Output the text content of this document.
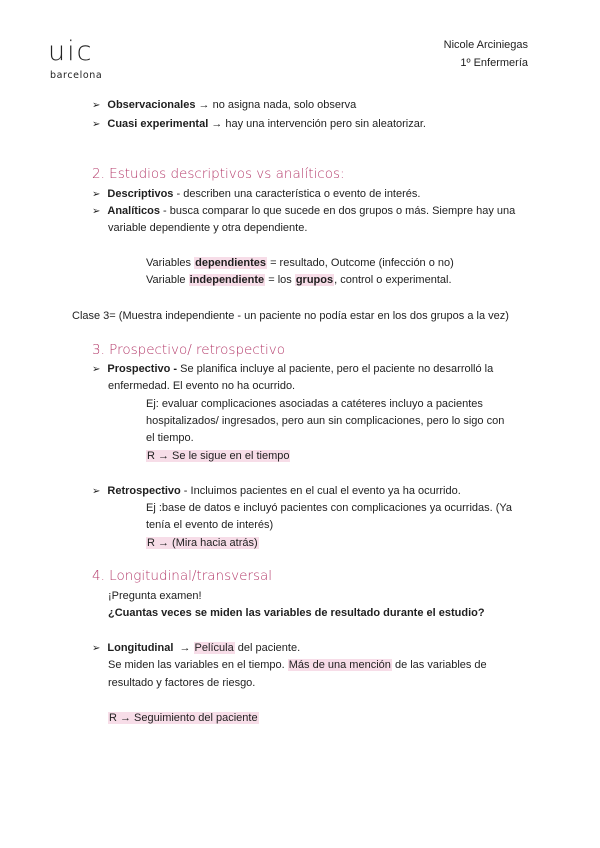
uic
barcelona
Nicole Arciniegas
1º Enfermería
➢ Observacionales → no asigna nada, solo observa
➢ Cuasi experimental → hay una intervención pero sin aleatorizar.
2. Estudios descriptivos vs analíticos:
➢ Descriptivos - describen una característica o evento de interés.
➢ Analíticos - busca comparar lo que sucede en dos grupos o más. Siempre hay una
variable dependiente y otra dependiente.
Variables dependientes = resultado, Outcome (infección o no)
Variable independiente = los grupos, control o experimental.
Clase 3= (Muestra independiente - un paciente no podía estar en los dos grupos a la vez)
3. Prospectivo/ retrospectivo
➢ Prospectivo - Se planifica incluye al paciente, pero el paciente no desarrolló la
enfermedad. El evento no ha ocurrido.
Ej: evaluar complicaciones asociadas a catéteres incluyo a pacientes
hospitalizados/ ingresados, pero aun sin complicaciones, pero lo sigo con
el tiempo.
R → Se le sigue en el tiempo
➢ Retrospectivo - Incluimos pacientes en el cual el evento ya ha ocurrido.
Ej :base de datos e incluyó pacientes con complicaciones ya ocurridas. (Ya
tenía el evento de interés)
R → (Mira hacia atrás)
4. Longitudinal/transversal
¡Pregunta examen!
¿Cuantas veces se miden las variables de resultado durante el estudio?
➢ Longitudinal  → Película del paciente.
Se miden las variables en el tiempo. Más de una mención de las variables de
resultado y factores de riesgo.
R → Seguimiento del paciente
